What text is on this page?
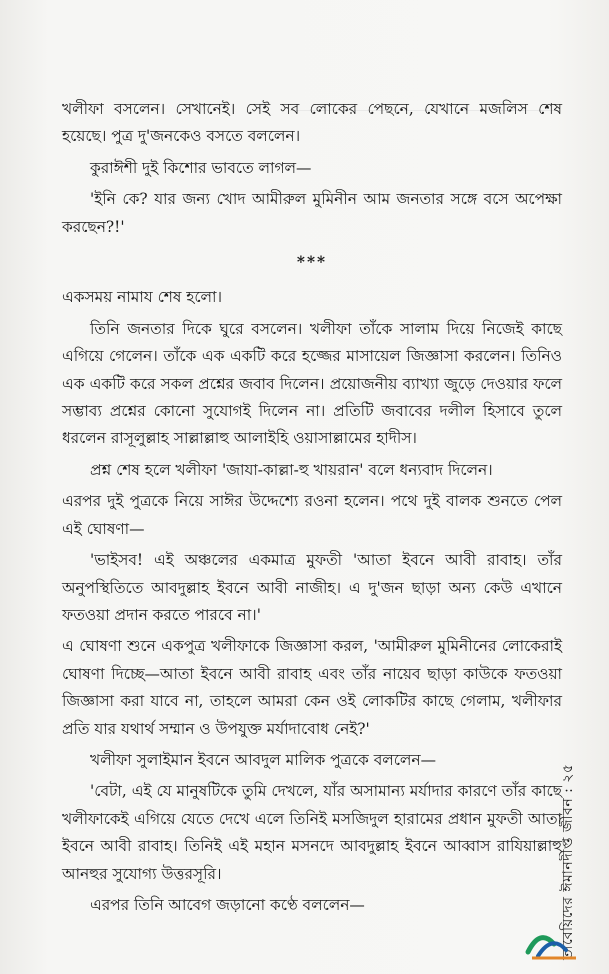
খলীফা বসলেন। সেখানেই। সেই সব লোকের পেছনে, যেখানে মজলিস শেষ হয়েছে। পুত্র দু'জনকেও বসতে বললেন।

কুরাঈশী দুই কিশোর ভাবতে লাগল—

'ইনি কে? যার জন্য খোদ আমীরুল মুমিনীন আম জনতার সঙ্গে বসে অপেক্ষা করছেন?!'

***

একসময় নামায শেষ হলো।

তিনি জনতার দিকে ঘুরে বসলেন। খলীফা তাঁকে সালাম দিয়ে নিজেই কাছে এগিয়ে গেলেন। তাঁকে এক একটি করে হজ্জের মাসায়েল জিজ্ঞাসা করলেন। তিনিও এক একটি করে সকল প্রশ্নের জবাব দিলেন। প্রয়োজনীয় ব্যাখ্যা জুড়ে দেওয়ার ফলে সম্ভাব্য প্রশ্নের কোনো সুযোগই দিলেন না। প্রতিটি জবাবের দলীল হিসাবে তুলে ধরলেন রাসূলুল্লাহ সাল্লাল্লাহু আলাইহি ওয়াসাল্লামের হাদীস।

প্রশ্ন শেষ হলে খলীফা 'জাযা-কাল্লা-হু খায়রান' বলে ধন্যবাদ দিলেন।

এরপর দুই পুত্রকে নিয়ে সাঈর উদ্দেশ্যে রওনা হলেন। পথে দুই বালক শুনতে পেল এই ঘোষণা—

'ভাইসব! এই অঞ্চলের একমাত্র মুফতী 'আতা ইবনে আবী রাবাহ। তাঁর অনুপস্থিতিতে আবদুল্লাহ ইবনে আবী নাজীহ। এ দু'জন ছাড়া অন্য কেউ এখানে ফতওয়া প্রদান করতে পারবে না।'

এ ঘোষণা শুনে একপুত্র খলীফাকে জিজ্ঞাসা করল, 'আমীরুল মুমিনীনের লোকেরাই ঘোষণা দিচ্ছে—আতা ইবনে আবী রাবাহ এবং তাঁর নায়েব ছাড়া কাউকে ফতওয়া জিজ্ঞাসা করা যাবে না, তাহলে আমরা কেন ওই লোকটির কাছে গেলাম, খলীফার প্রতি যার যথার্থ সম্মান ও উপযুক্ত মর্যাদাবোধ নেই?'

খলীফা সুলাইমান ইবনে আবদুল মালিক পুত্রকে বললেন—

'বেটা, এই যে মানুষটিকে তুমি দেখলে, যাঁর অসামান্য মর্যাদার কারণে তাঁর কাছে খলীফাকেই এগিয়ে যেতে দেখে এলে তিনিই মসজিদুল হারামের প্রধান মুফতী আতা ইবনে আবী রাবাহ। তিনিই এই মহান মসনদে আবদুল্লাহ ইবনে আব্বাস রাযিয়াল্লাহু আনহুর সুযোগ্য উত্তরসূরি।

এরপর তিনি আবেগ জড়ানো কণ্ঠে বললেন—	তাবেয়িদের ঈমানদীপ্ত জীবন : ২৫
